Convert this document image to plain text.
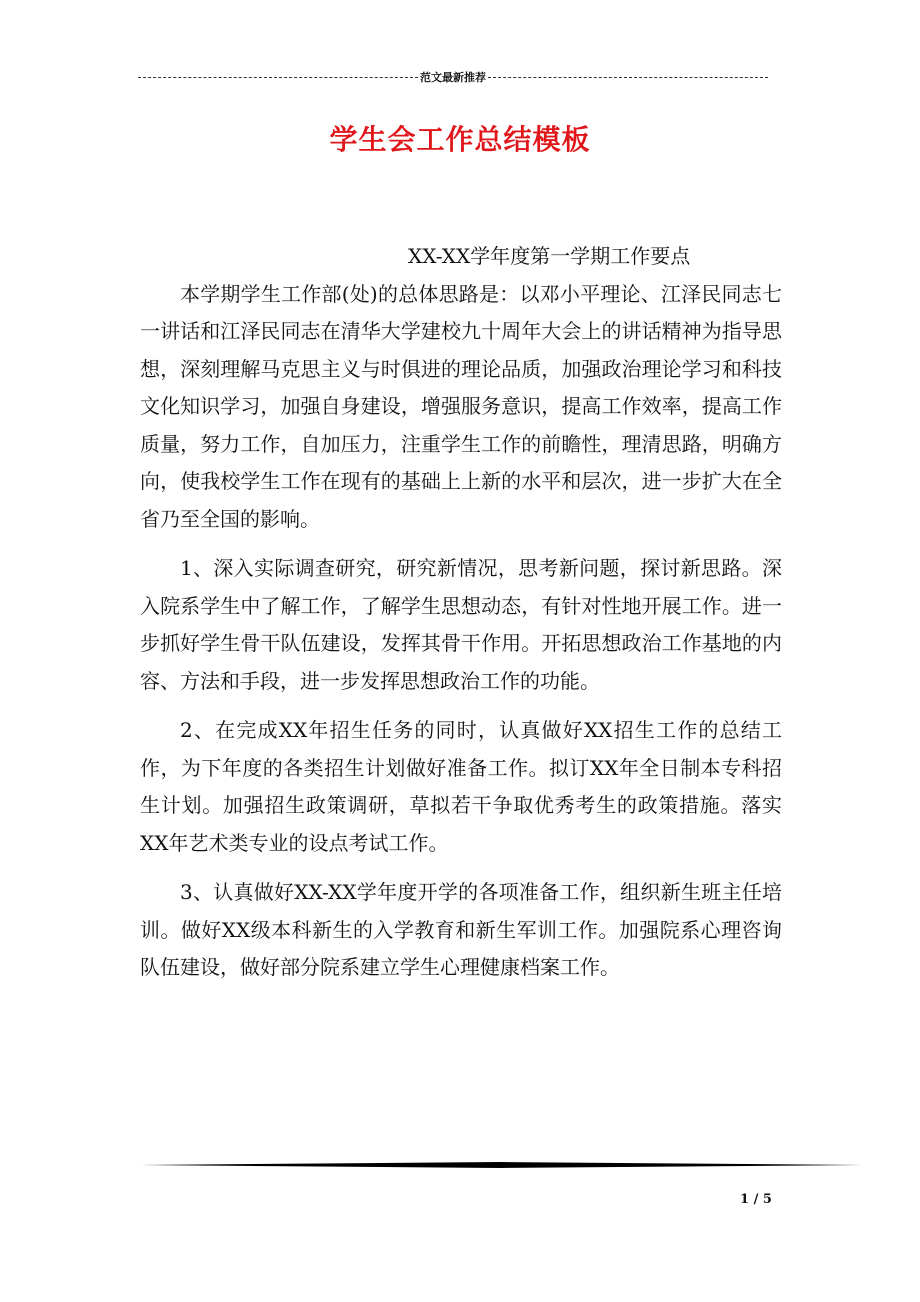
范文最新推荐
学生会工作总结模板

XX-XX学年度第一学期工作要点

本学期学生工作部(处)的总体思路是：以邓小平理论、江泽民同志七一讲话和江泽民同志在清华大学建校九十周年大会上的讲话精神为指导思想，深刻理解马克思主义与时俱进的理论品质，加强政治理论学习和科技文化知识学习，加强自身建设，增强服务意识，提高工作效率，提高工作质量，努力工作，自加压力，注重学生工作的前瞻性，理清思路，明确方向，使我校学生工作在现有的基础上上新的水平和层次，进一步扩大在全省乃至全国的影响。

1、深入实际调查研究，研究新情况，思考新问题，探讨新思路。深入院系学生中了解工作，了解学生思想动态，有针对性地开展工作。进一步抓好学生骨干队伍建设，发挥其骨干作用。开拓思想政治工作基地的内容、方法和手段，进一步发挥思想政治工作的功能。

2、在完成XX年招生任务的同时，认真做好XX招生工作的总结工作，为下年度的各类招生计划做好准备工作。拟订XX年全日制本专科招生计划。加强招生政策调研，草拟若干争取优秀考生的政策措施。落实XX年艺术类专业的设点考试工作。

3、认真做好XX-XX学年度开学的各项准备工作，组织新生班主任培训。做好XX级本科新生的入学教育和新生军训工作。加强院系心理咨询队伍建设，做好部分院系建立学生心理健康档案工作。

1 / 5
